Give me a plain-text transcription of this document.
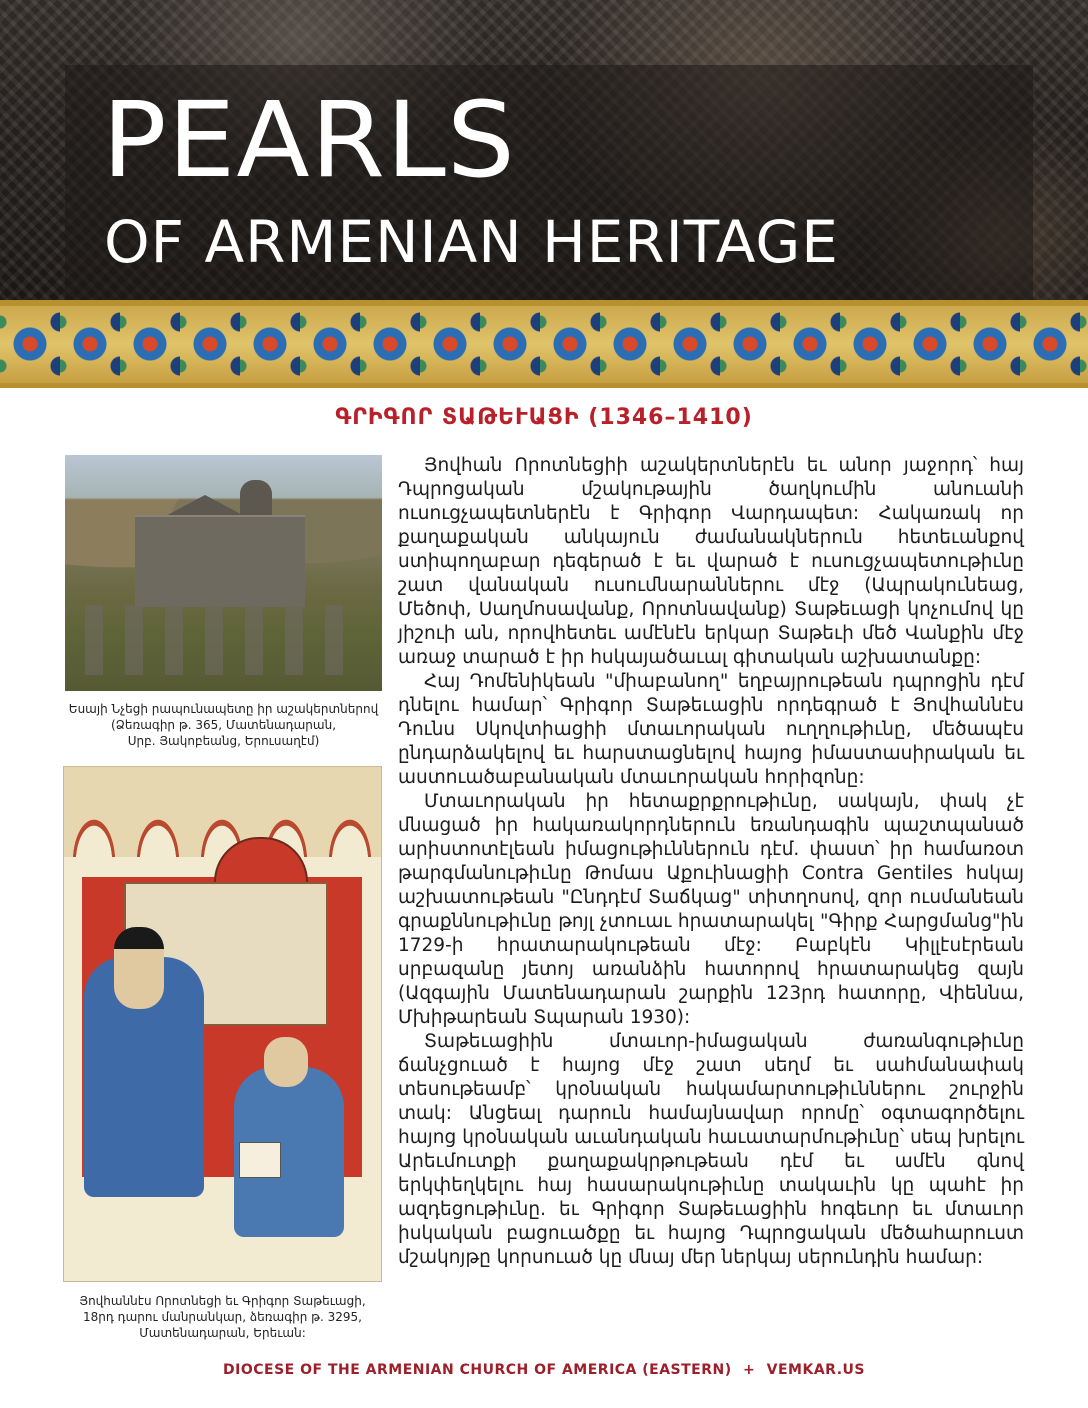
PEARLS
OF ARMENIAN HERITAGE
ԳՐԻԳՈՐ ՏԱԹԵՒԱՑԻ (1346–1410)
Եսայի Նչեցի րապունապետը իր աշակերտներով
(Ձեռագիր թ. 365, Մատենադարան,
Սրբ. Յակոբեանց, Երուսաղէմ)
Յովհաննէս Որոտնեցի եւ Գրիգոր Տաթեւացի,
18րդ դարու մանրանկար, ձեռագիր թ. 3295,
Մատենադարան, Երեւան:

Յովհան Որոտնեցիի աշակերտներէն եւ անոր յաջորդ՝ հայ Դպրոցական մշակութային ծաղկումին անուանի ուսուցչապետներէն է Գրիգոր Վարդապետ: Հակառակ որ քաղաքական անկայուն ժամանակներուն հետեւանքով ստիպողաբար դեգերած է եւ վարած է ուսուցչապետութիւնը շատ վանական ուսումնարաններու մէջ (Ապրակունեաց, Մեծոփ, Սաղմոսավանք, Որոտնավանք) Տաթեւացի կոչումով կը յիշուի ան, որովհետեւ ամէնէն երկար Տաթեւի մեծ Վանքին մէջ առաջ տարած է իր հսկայածաւալ գիտական աշխատանքը:

Հայ Դոմենիկեան "միաբանող" եղբայրութեան դպրոցին դէմ դնելու համար՝ Գրիգոր Տաթեւացին որդեգրած է Յովհաննէս Դունս Սկովտիացիի մտաւորական ուղղութիւնը, մեծապէս ընդարձակելով եւ հարստացնելով հայոց իմաստասիրական եւ աստուածաբանական մտաւորական հորիզոնը:

Մտաւորական իր հետաքրքրութիւնը, սակայն, փակ չէ մնացած իր հակառակորդներուն եռանդագին պաշտպանած արիստոտէլեան իմացութիւններուն դէմ. փաստ՝ իր համառօտ թարգմանութիւնը Թոմաս Աքուինացիի Contra Gentiles հսկայ աշխատութեան "Ընդդէմ Տաճկաց" տիտղոսով, զոր ուսմանեան գրաքննութիւնը թոյլ չտուաւ հրատարակել "Գիրք Հարցմանց"ին 1729-ի հրատարակութեան մէջ: Բաբկէն Կիլլէսէրեան սրբազանը յետոյ առանձին հատորով հրատարակեց զայն (Ազգային Մատենադարան շարքին 123րդ հատորը, Վիեննա, Մխիթարեան Տպարան 1930):

Տաթեւացիին մտաւոր-իմացական ժառանգութիւնը ճանչցուած է հայոց մէջ շատ սեղմ եւ սահմանափակ տեսութեամբ՝ կրօնական հակամարտութիւններու շուրջին տակ: Անցեալ դարուն համայնավար որոմը՝ օգտագործելու հայոց կրօնական աւանդական հաւատարմութիւնը՝ սեպ խրելու Արեւմուտքի քաղաքակրթութեան դէմ եւ ամէն գնով երկփեղկելու հայ հասարակութիւնը տակաւին կը պահէ իր ազդեցութիւնը. եւ Գրիգոր Տաթեւացիին հոգեւոր եւ մտաւոր իսկական բացուածքը եւ հայոց Դպրոցական մեծահարուստ մշակոյթը կորսուած կը մնայ մեր ներկայ սերունդին համար:

DIOCESE OF THE ARMENIAN CHURCH OF AMERICA (EASTERN) + VEMKAR.US
